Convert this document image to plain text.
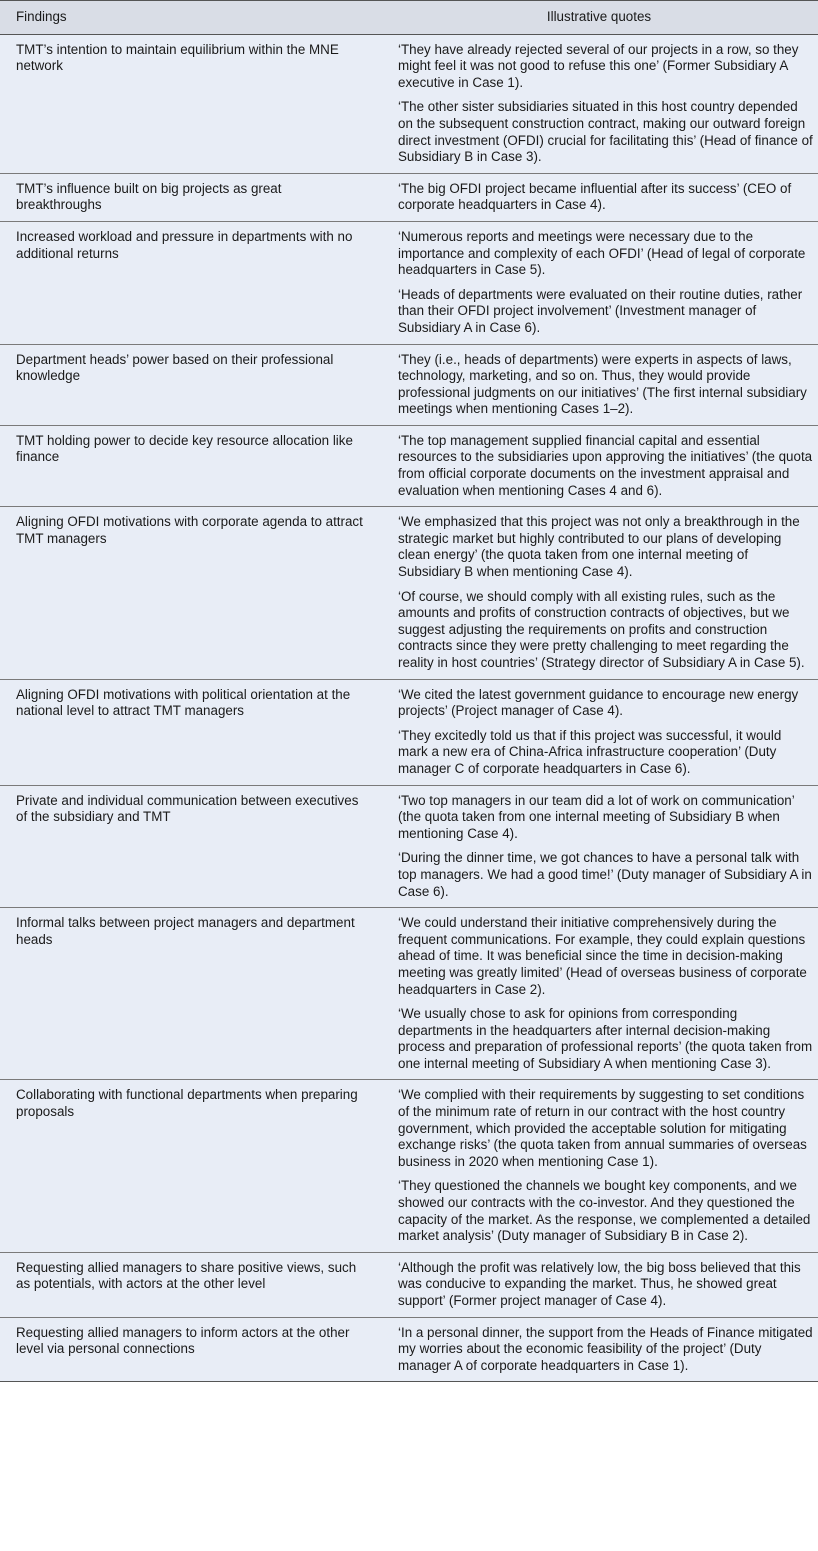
Findings	Illustrative quotes
TMT’s intention to maintain equilibrium within the MNE network	‘They have already rejected several of our projects in a row, so they might feel it was not good to refuse this one’ (Former Subsidiary A executive in Case 1).

‘The other sister subsidiaries situated in this host country depended on the subsequent construction contract, making our outward foreign direct investment (OFDI) crucial for facilitating this’ (Head of finance of Subsidiary B in Case 3).

TMT’s influence built on big projects as great breakthroughs	‘The big OFDI project became influential after its success’ (CEO of corporate headquarters in Case 4).

Increased workload and pressure in departments with no additional returns	‘Numerous reports and meetings were necessary due to the importance and complexity of each OFDI’ (Head of legal of corporate headquarters in Case 5).

‘Heads of departments were evaluated on their routine duties, rather than their OFDI project involvement’ (Investment manager of Subsidiary A in Case 6).

Department heads’ power based on their professional knowledge	‘They (i.e., heads of departments) were experts in aspects of laws, technology, marketing, and so on. Thus, they would provide professional judgments on our initiatives’ (The first internal subsidiary meetings when mentioning Cases 1–2).

TMT holding power to decide key resource allocation like finance	‘The top management supplied financial capital and essential resources to the subsidiaries upon approving the initiatives’ (the quota from official corporate documents on the investment appraisal and evaluation when mentioning Cases 4 and 6).

Aligning OFDI motivations with corporate agenda to attract TMT managers	‘We emphasized that this project was not only a breakthrough in the strategic market but highly contributed to our plans of developing clean energy’ (the quota taken from one internal meeting of Subsidiary B when mentioning Case 4).

‘Of course, we should comply with all existing rules, such as the amounts and profits of construction contracts of objectives, but we suggest adjusting the requirements on profits and construction contracts since they were pretty challenging to meet regarding the reality in host countries’ (Strategy director of Subsidiary A in Case 5).

Aligning OFDI motivations with political orientation at the national level to attract TMT managers	‘We cited the latest government guidance to encourage new energy projects’ (Project manager of Case 4).

‘They excitedly told us that if this project was successful, it would mark a new era of China-Africa infrastructure cooperation’ (Duty manager C of corporate headquarters in Case 6).

Private and individual communication between executives of the subsidiary and TMT	‘Two top managers in our team did a lot of work on communication’ (the quota taken from one internal meeting of Subsidiary B when mentioning Case 4).

‘During the dinner time, we got chances to have a personal talk with top managers. We had a good time!’ (Duty manager of Subsidiary A in Case 6).

Informal talks between project managers and department heads	‘We could understand their initiative comprehensively during the frequent communications. For example, they could explain questions ahead of time. It was beneficial since the time in decision-making meeting was greatly limited’ (Head of overseas business of corporate headquarters in Case 2).

‘We usually chose to ask for opinions from corresponding departments in the headquarters after internal decision-making process and preparation of professional reports’ (the quota taken from one internal meeting of Subsidiary A when mentioning Case 3).

Collaborating with functional departments when preparing proposals	‘We complied with their requirements by suggesting to set conditions of the minimum rate of return in our contract with the host country government, which provided the acceptable solution for mitigating exchange risks’ (the quota taken from annual summaries of overseas business in 2020 when mentioning Case 1).

‘They questioned the channels we bought key components, and we showed our contracts with the co-investor. And they questioned the capacity of the market. As the response, we complemented a detailed market analysis’ (Duty manager of Subsidiary B in Case 2).

Requesting allied managers to share positive views, such as potentials, with actors at the other level	‘Although the profit was relatively low, the big boss believed that this was conducive to expanding the market. Thus, he showed great support’ (Former project manager of Case 4).

Requesting allied managers to inform actors at the other level via personal connections	‘In a personal dinner, the support from the Heads of Finance mitigated my worries about the economic feasibility of the project’ (Duty manager A of corporate headquarters in Case 1).
